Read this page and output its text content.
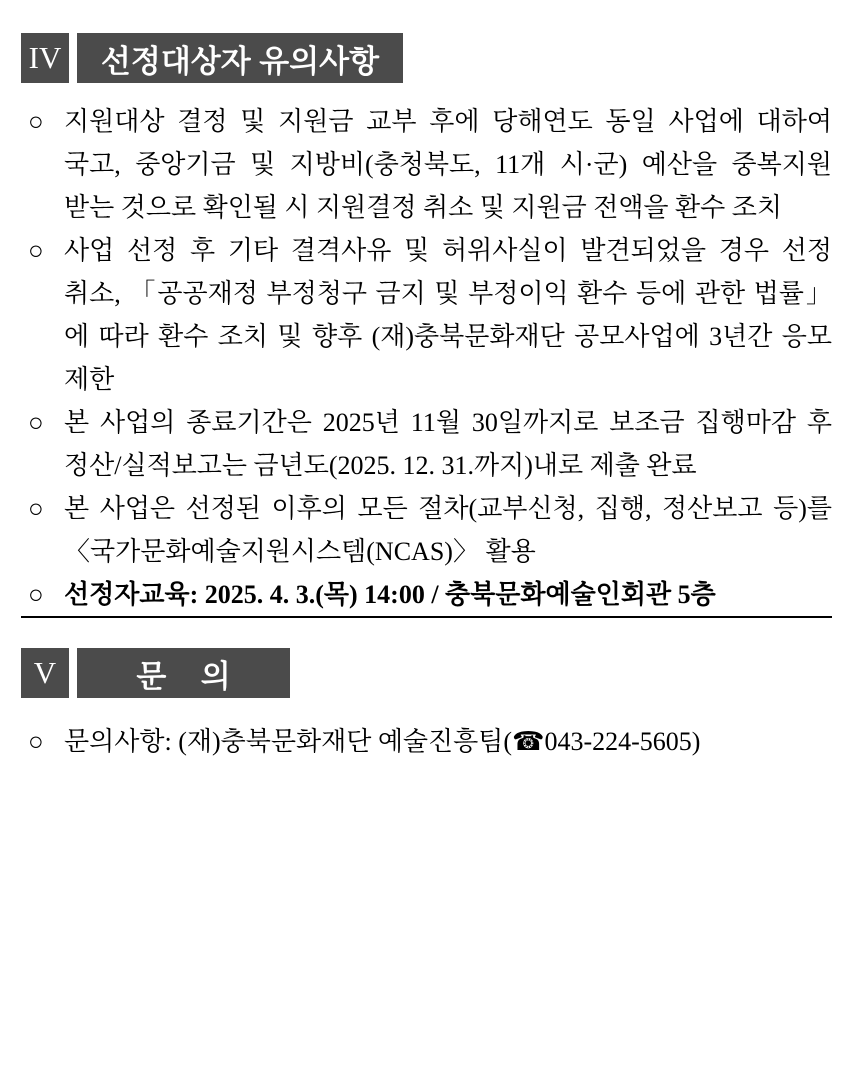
IV	선정대상자 유의사항
○ 지원대상 결정 및 지원금 교부 후에 당해연도 동일 사업에 대하여 국고, 중앙기금 및 지방비(충청북도, 11개 시·군) 예산을 중복지원 받는 것으로 확인될 시 지원결정 취소 및 지원금 전액을 환수 조치
○ 사업 선정 후 기타 결격사유 및 허위사실이 발견되었을 경우 선정 취소, 「공공재정 부정청구 금지 및 부정이익 환수 등에 관한 법률」에 따라 환수 조치 및 향후 (재)충북문화재단 공모사업에 3년간 응모 제한
○ 본 사업의 종료기간은 2025년 11월 30일까지로 보조금 집행마감 후 정산/실적보고는 금년도(2025. 12. 31.까지)내로 제출 완료
○ 본 사업은 선정된 이후의 모든 절차(교부신청, 집행, 정산보고 등)를 〈국가문화예술지원시스템(NCAS)〉 활용
○ 선정자교육: 2025. 4. 3.(목) 14:00 / 충북문화예술인회관 5층
V	문    의
○ 문의사항: (재)충북문화재단 예술진흥팀(☎043-224-5605)
